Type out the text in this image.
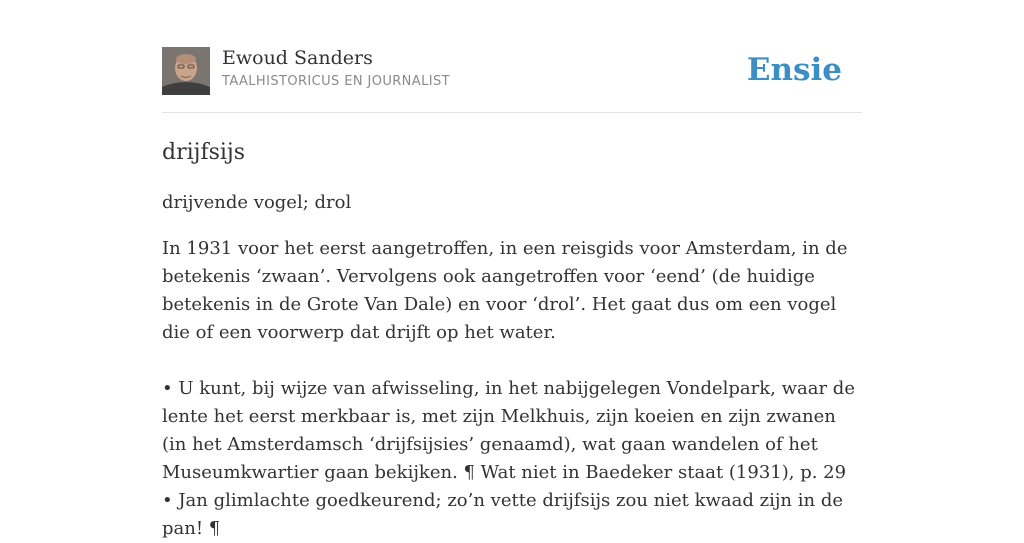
Ewoud Sanders
TAALHISTORICUS EN JOURNALIST	Ensie
drijfsijs

drijvende vogel; drol

In 1931 voor het eerst aangetroffen, in een reisgids voor Amsterdam, in de betekenis ‘zwaan’. Vervolgens ook aangetroffen voor ‘eend’ (de huidige betekenis in de Grote Van Dale) en voor ‘drol’. Het gaat dus om een vogel die of een voorwerp dat drijft op het water.

• U kunt, bij wijze van afwisseling, in het nabijgelegen Vondelpark, waar de lente het eerst merkbaar is, met zijn Melkhuis, zijn koeien en zijn zwanen (in het Amsterdamsch ‘drijfsijsies’ genaamd), wat gaan wandelen of het Museumkwartier gaan bekijken. ¶ Wat niet in Baedeker staat (1931), p. 29

• Jan glimlachte goedkeurend; zo’n vette drijfsijs zou niet kwaad zijn in de pan! ¶
